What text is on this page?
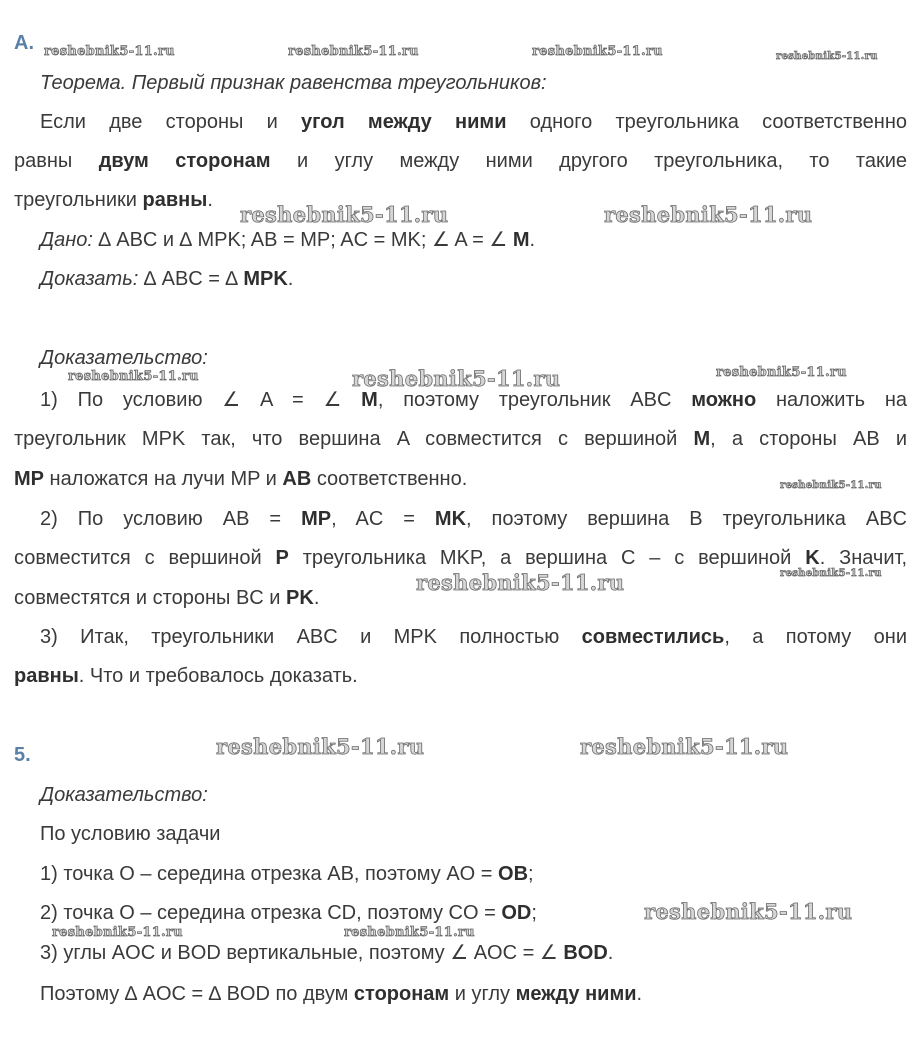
А.
Теорема. Первый признак равенства треугольников:
Если две стороны и угол между ними одного треугольника соответственно
равны двум сторонам и углу между ними другого треугольника, то такие
треугольники равны.
Дано: ∆ ABC и ∆ MPK; AB = MP; AC = MK; ∠ A = ∠ M.
Доказать: ∆ ABC = ∆ MPK.
Доказательство:
1) По условию ∠ A = ∠ M, поэтому треугольник ABC можно наложить на
треугольник MPK так, что вершина A совместится с вершиной M, а стороны AB и
MP наложатся на лучи MP и AB соответственно.
2) По условию AB = MP, AC = MK, поэтому вершина B треугольника ABC
совместится с вершиной P треугольника MKP, а вершина C – с вершиной K. Значит,
совместятся и стороны BC и PK.
3) Итак, треугольники ABC и MPK полностью совместились, а потому они
равны. Что и требовалось доказать.
5.
Доказательство:
По условию задачи
1) точка O – середина отрезка AB, поэтому AO = OB;
2) точка O – середина отрезка CD, поэтому CO = OD;
3) углы AOC и BOD вертикальные, поэтому ∠ AOC = ∠ BOD.
Поэтому ∆ AOC = ∆ BOD по двум сторонам и углу между ними.
reshebnik5-11.ru	reshebnik5-11.ru	reshebnik5-11.ru	reshebnik5-11.ru
reshebnik5-11.ru	reshebnik5-11.ru
reshebnik5-11.ru	reshebnik5-11.ru	reshebnik5-11.ru
reshebnik5-11.ru
reshebnik5-11.ru	reshebnik5-11.ru
reshebnik5-11.ru	reshebnik5-11.ru
reshebnik5-11.ru
reshebnik5-11.ru	reshebnik5-11.ru
